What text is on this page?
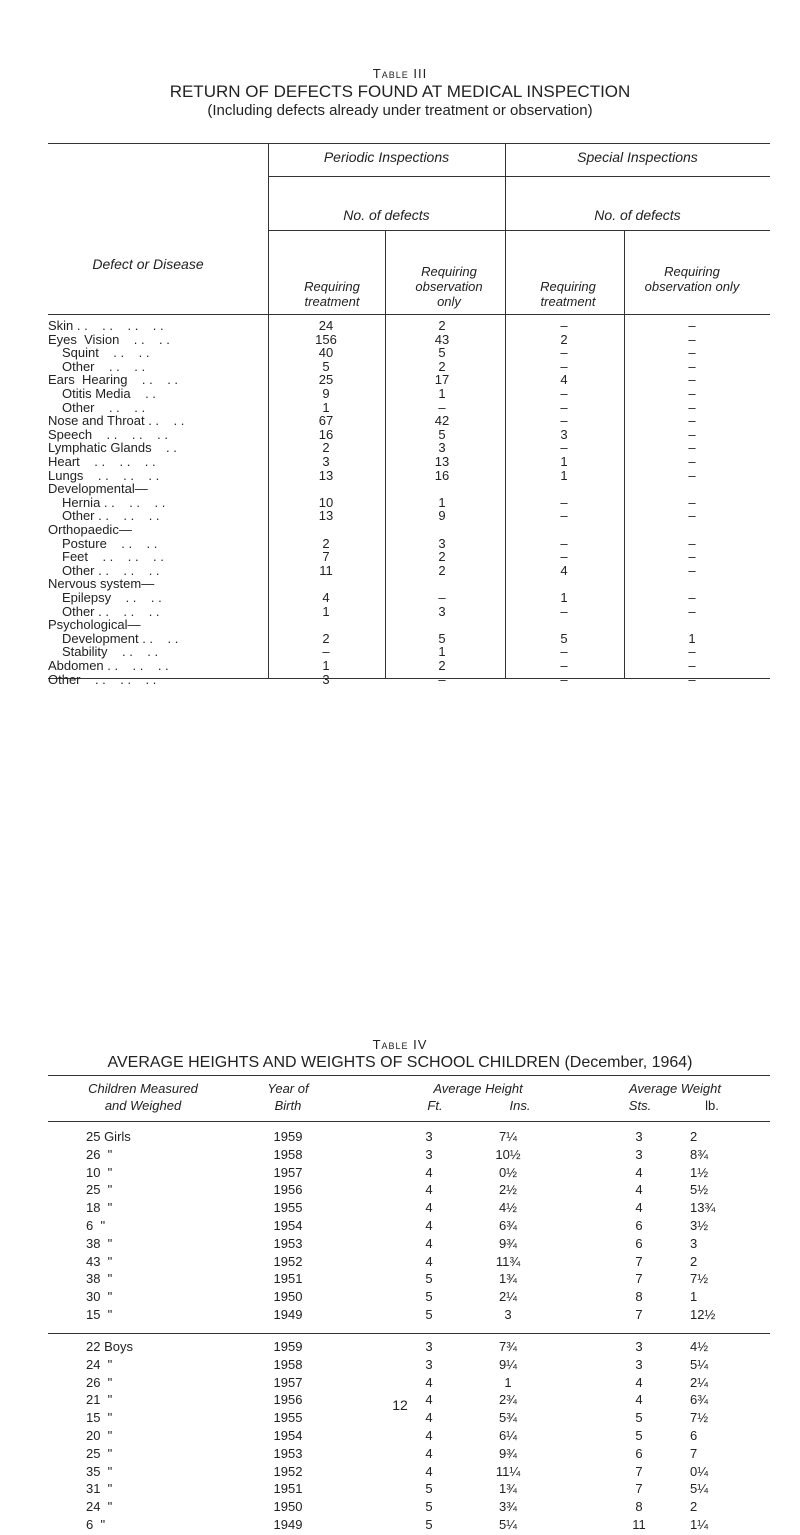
Table III
RETURN OF DEFECTS FOUND AT MEDICAL INSPECTION
(Including defects already under treatment or observation)
Defect or Disease
Periodic Inspections	Special Inspections
No. of defects	No. of defects
Requiring treatment
Requiring observation only
Requiring treatment
Requiring observation only
Skin . .    . .    . .    . .	24	2	–	–
Eyes  Vision    . .    . .	156	43	2	–
Squint    . .    . .	40	5	–	–
Other    . .    . .	5	2	–	–
Ears  Hearing    . .    . .	25	17	4	–
Otitis Media    . .	9	1	–	–
Other    . .    . .	1	–	–	–
Nose and Throat . .    . .	67	42	–	–
Speech    . .    . .    . .	16	5	3	–
Lymphatic Glands    . .	2	3	–	–
Heart    . .    . .    . .	3	13	1	–
Lungs    . .    . .    . .	13	16	1	–
Developmental—
Hernia . .    . .    . .	10	1	–	–
Other . .    . .    . .	13	9	–	–
Orthopaedic—
Posture    . .    . .	2	3	–	–
Feet    . .    . .    . .	7	2	–	–
Other . .    . .    . .	11	2	4	–
Nervous system—
Epilepsy    . .    . .	4	–	1	–
Other . .    . .    . .	1	3	–	–
Psychological—
Development . .    . .	2	5	5	1
Stability    . .    . .	–	1	–	–
Abdomen . .    . .    . .	1	2	–	–
Other    . .    . .    . .	3	–	–	–
Table IV
AVERAGE HEIGHTS AND WEIGHTS OF SCHOOL CHILDREN (December, 1964)
Children Measured
and Weighed
Year of
Birth
Average Height
Ft.	Ins.
Average Weight
Sts.	lb.
25 Girls	1959	3	7¼	3	2
26  "	1958	3	10½	3	8¾
10  "	1957	4	0½	4	1½
25  "	1956	4	2½	4	5½
18  "	1955	4	4½	4	13¾
6  "	1954	4	6¾	6	3½
38  "	1953	4	9¾	6	3
43  "	1952	4	11¾	7	2
38  "	1951	5	1¾	7	7½
30  "	1950	5	2¼	8	1
15  "	1949	5	3	7	12½
22 Boys	1959	3	7¾	3	4½
24  "	1958	3	9¼	3	5¼
26  "	1957	4	1	4	2¼
21  "	1956	4	2¾	4	6¾
15  "	1955	4	5¾	5	7½
20  "	1954	4	6¼	5	6
25  "	1953	4	9¾	6	7
35  "	1952	4	11¼	7	0¼
31  "	1951	5	1¾	7	5¼
24  "	1950	5	3¾	8	2
6  "	1949	5	5¼	11	1¼
12
